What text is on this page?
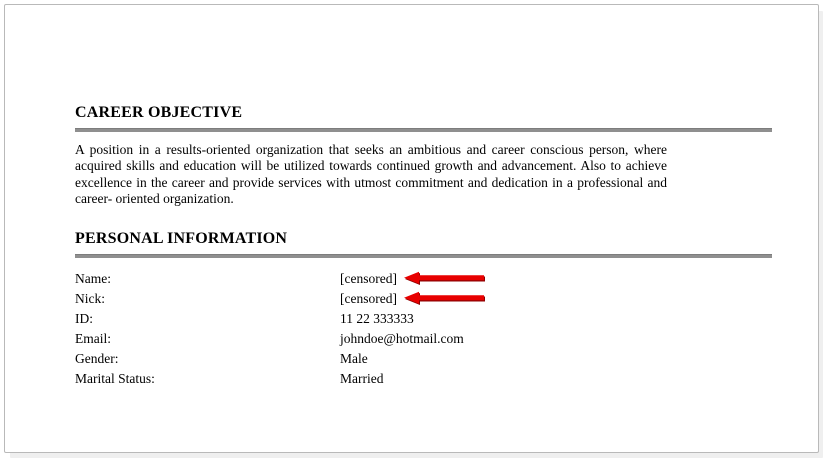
CAREER OBJECTIVE

A position in a results-oriented organization that seeks an ambitious and career conscious person, where acquired skills and education will be utilized towards continued growth and advancement. Also to achieve excellence in the career and provide services with utmost commitment and dedication in a professional and career- oriented organization.

PERSONAL INFORMATION
Name:	[censored]
Nick:	[censored]
ID:	11 22 333333
Email:	johndoe@hotmail.com
Gender:	Male
Marital Status:	Married
